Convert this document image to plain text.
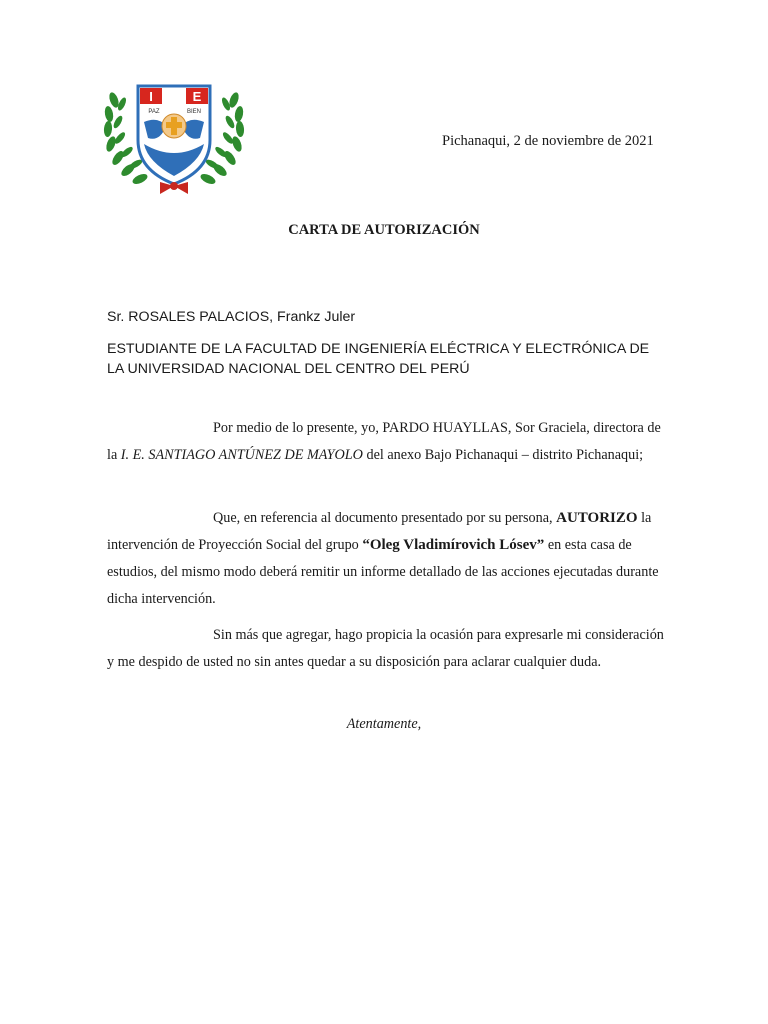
I	E
PAZ	BIEN
Pichanaqui, 2 de noviembre de 2021
CARTA DE AUTORIZACIÓN
Sr. ROSALES PALACIOS, Frankz Juler
ESTUDIANTE DE LA FACULTAD DE INGENIERÍA ELÉCTRICA Y ELECTRÓNICA DE LA UNIVERSIDAD NACIONAL DEL CENTRO DEL PERÚ

Por medio de lo presente, yo, PARDO HUAYLLAS, Sor Graciela, directora de la I. E. SANTIAGO ANTÚNEZ DE MAYOLO del anexo Bajo Pichanaqui – distrito Pichanaqui;

Que, en referencia al documento presentado por su persona, AUTORIZO la intervención de Proyección Social del grupo “Oleg Vladimírovich Lósev” en esta casa de estudios, del mismo modo deberá remitir un informe detallado de las acciones ejecutadas durante dicha intervención.

Sin más que agregar, hago propicia la ocasión para expresarle mi consideración y me despido de usted no sin antes quedar a su disposición para aclarar cualquier duda.

Atentamente,
